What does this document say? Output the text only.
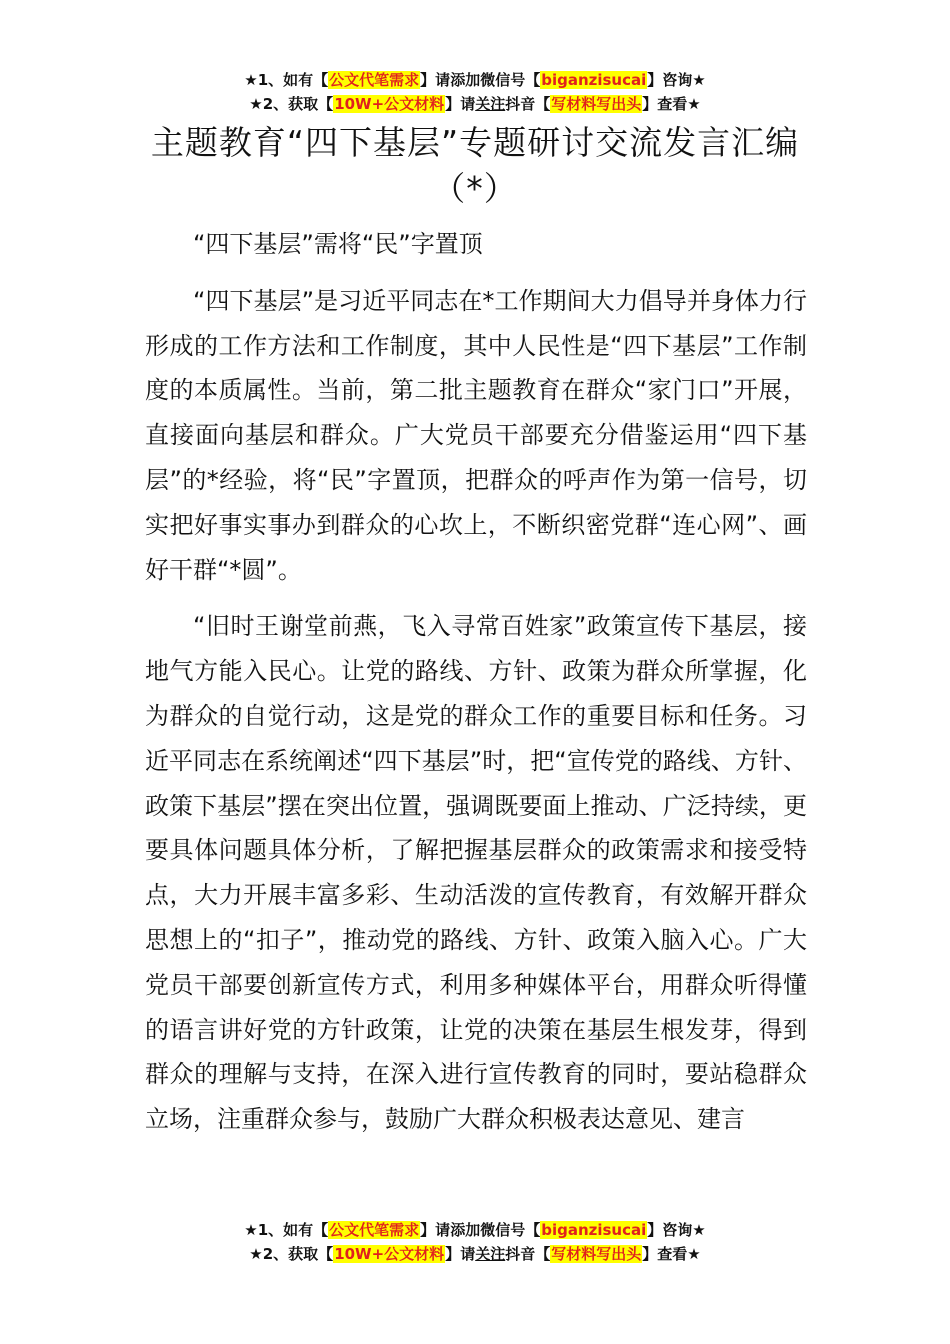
★1、如有【公文代笔需求】请添加微信号【biganzisucai】咨询★
★2、获取【10W+公文材料】请关注抖音【写材料写出头】查看★
主题教育“四下基层”专题研讨交流发言汇编（*）

“四下基层”需将“民”字置顶

“四下基层”是习近平同志在*工作期间大力倡导并身体力行形成的工作方法和工作制度，其中人民性是“四下基层”工作制度的本质属性。当前，第二批主题教育在群众“家门口”开展，直接面向基层和群众。广大党员干部要充分借鉴运用“四下基层”的*经验，将“民”字置顶，把群众的呼声作为第一信号，切实把好事实事办到群众的心坎上，不断织密党群“连心网”、画好干群“*圆”。

“旧时王谢堂前燕，飞入寻常百姓家”政策宣传下基层，接地气方能入民心。让党的路线、方针、政策为群众所掌握，化为群众的自觉行动，这是党的群众工作的重要目标和任务。习近平同志在系统阐述“四下基层”时，把“宣传党的路线、方针、政策下基层”摆在突出位置，强调既要面上推动、广泛持续，更要具体问题具体分析，了解把握基层群众的政策需求和接受特点，大力开展丰富多彩、生动活泼的宣传教育，有效解开群众思想上的“扣子”，推动党的路线、方针、政策入脑入心。广大党员干部要创新宣传方式，利用多种媒体平台，用群众听得懂的语言讲好党的方针政策，让党的决策在基层生根发芽，得到群众的理解与支持，在深入进行宣传教育的同时，要站稳群众立场，注重群众参与，鼓励广大群众积极表达意见、建言

★1、如有【公文代笔需求】请添加微信号【biganzisucai】咨询★
★2、获取【10W+公文材料】请关注抖音【写材料写出头】查看★
